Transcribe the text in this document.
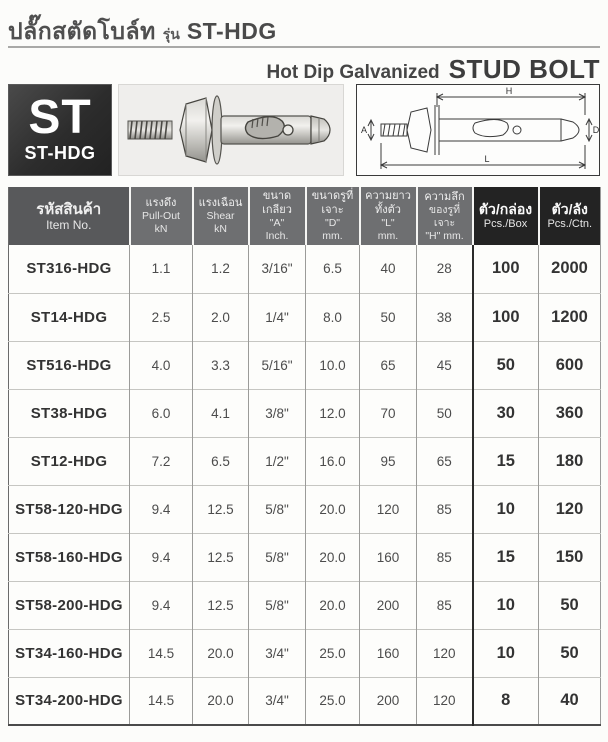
ปลั๊กสตัดโบล์ท รุ่น ST-HDG
Hot Dip Galvanized STUD BOLT
ST
ST-HDG
H
A	D
L
รหัสสินค้า
Item No.	แรงดึง
Pull-Out
kN	แรงเฉือน
Shear
kN	ขนาดเกลียว
"A"
Inch.	ขนาดรูที่เจาะ
"D"
mm.	ความยาวทั้งตัว
"L"
mm.	ความลึก
ของรูที่เจาะ
"H" mm.	ตัว/กล่อง
Pcs./Box	ตัว/ลัง
Pcs./Ctn.

ST316-HDG	1.1	1.2	3/16"	6.5	40	28	100	2000
ST14-HDG	2.5	2.0	1/4"	8.0	50	38	100	1200
ST516-HDG	4.0	3.3	5/16"	10.0	65	45	50	600
ST38-HDG	6.0	4.1	3/8"	12.0	70	50	30	360
ST12-HDG	7.2	6.5	1/2"	16.0	95	65	15	180
ST58-120-HDG	9.4	12.5	5/8"	20.0	120	85	10	120
ST58-160-HDG	9.4	12.5	5/8"	20.0	160	85	15	150
ST58-200-HDG	9.4	12.5	5/8"	20.0	200	85	10	50
ST34-160-HDG	14.5	20.0	3/4"	25.0	160	120	10	50
ST34-200-HDG	14.5	20.0	3/4"	25.0	200	120	8	40
